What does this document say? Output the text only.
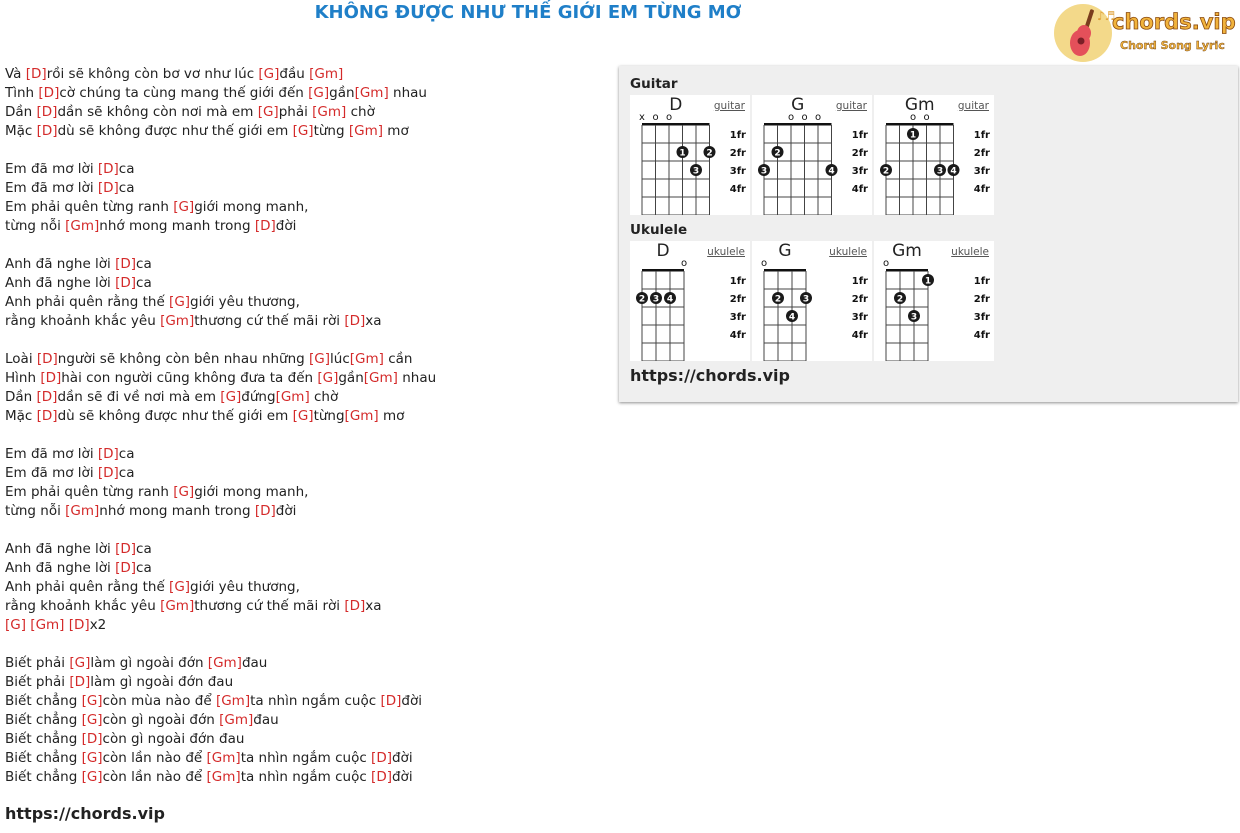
KHÔNG ĐƯỢC NHƯ THẾ GIỚI EM TỪNG MƠ	♪♬
chords.vip
Chord Song Lyric
Và [D]rồi sẽ không còn bơ vơ như lúc [G]đầu [Gm]
Tình [D]cờ chúng ta cùng mang thế giới đến [G]gần[Gm] nhau
Dần [D]dần sẽ không còn nơi mà em [G]phải [Gm] chờ
Mặc [D]dù sẽ không được như thế giới em [G]từng [Gm] mơ
Em đã mơ lời [D]ca
Em đã mơ lời [D]ca
Em phải quên từng ranh [G]giới mong manh,
từng nỗi [Gm]nhớ mong manh trong [D]đời
Anh đã nghe lời [D]ca
Anh đã nghe lời [D]ca
Anh phải quên rằng thế [G]giới yêu thương,
rằng khoảnh khắc yêu [Gm]thương cứ thế mãi rời [D]xa
Loài [D]người sẽ không còn bên nhau những [G]lúc[Gm] cần
Hình [D]hài con người cũng không đưa ta đến [G]gần[Gm] nhau
Dần [D]dần sẽ đi về nơi mà em [G]đứng[Gm] chờ
Mặc [D]dù sẽ không được như thế giới em [G]từng[Gm] mơ
Em đã mơ lời [D]ca
Em đã mơ lời [D]ca
Em phải quên từng ranh [G]giới mong manh,
từng nỗi [Gm]nhớ mong manh trong [D]đời
Anh đã nghe lời [D]ca
Anh đã nghe lời [D]ca
Anh phải quên rằng thế [G]giới yêu thương,
rằng khoảnh khắc yêu [Gm]thương cứ thế mãi rời [D]xa
[G] [Gm] [D]x2
Biết phải [G]làm gì ngoài đớn [Gm]đau
Biết phải [D]làm gì ngoài đớn đau
Biết chẳng [G]còn mùa nào để [Gm]ta nhìn ngắm cuộc [D]đời
Biết chẳng [G]còn gì ngoài đớn [Gm]đau
Biết chẳng [D]còn gì ngoài đớn đau
Biết chẳng [G]còn lần nào để [Gm]ta nhìn ngắm cuộc [D]đời
Biết chẳng [G]còn lần nào để [Gm]ta nhìn ngắm cuộc [D]đời
https://chords.vip
Guitar
D	guitar
1fr
2fr
3fr
4fr
x o o
1 2
3
G	guitar
1fr
2fr
3fr
4fr
o o o
2
3	4
Gm	guitar
1fr
2fr
3fr
4fr
o o
1
2	3 4
Ukulele
D	ukulele
1fr
2fr
3fr
4fr
o
2 3 4
G	ukulele
1fr
2fr
3fr
4fr
o
2 3
4
Gm	ukulele
1fr
2fr
3fr
4fr
o
1
2
3
https://chords.vip
